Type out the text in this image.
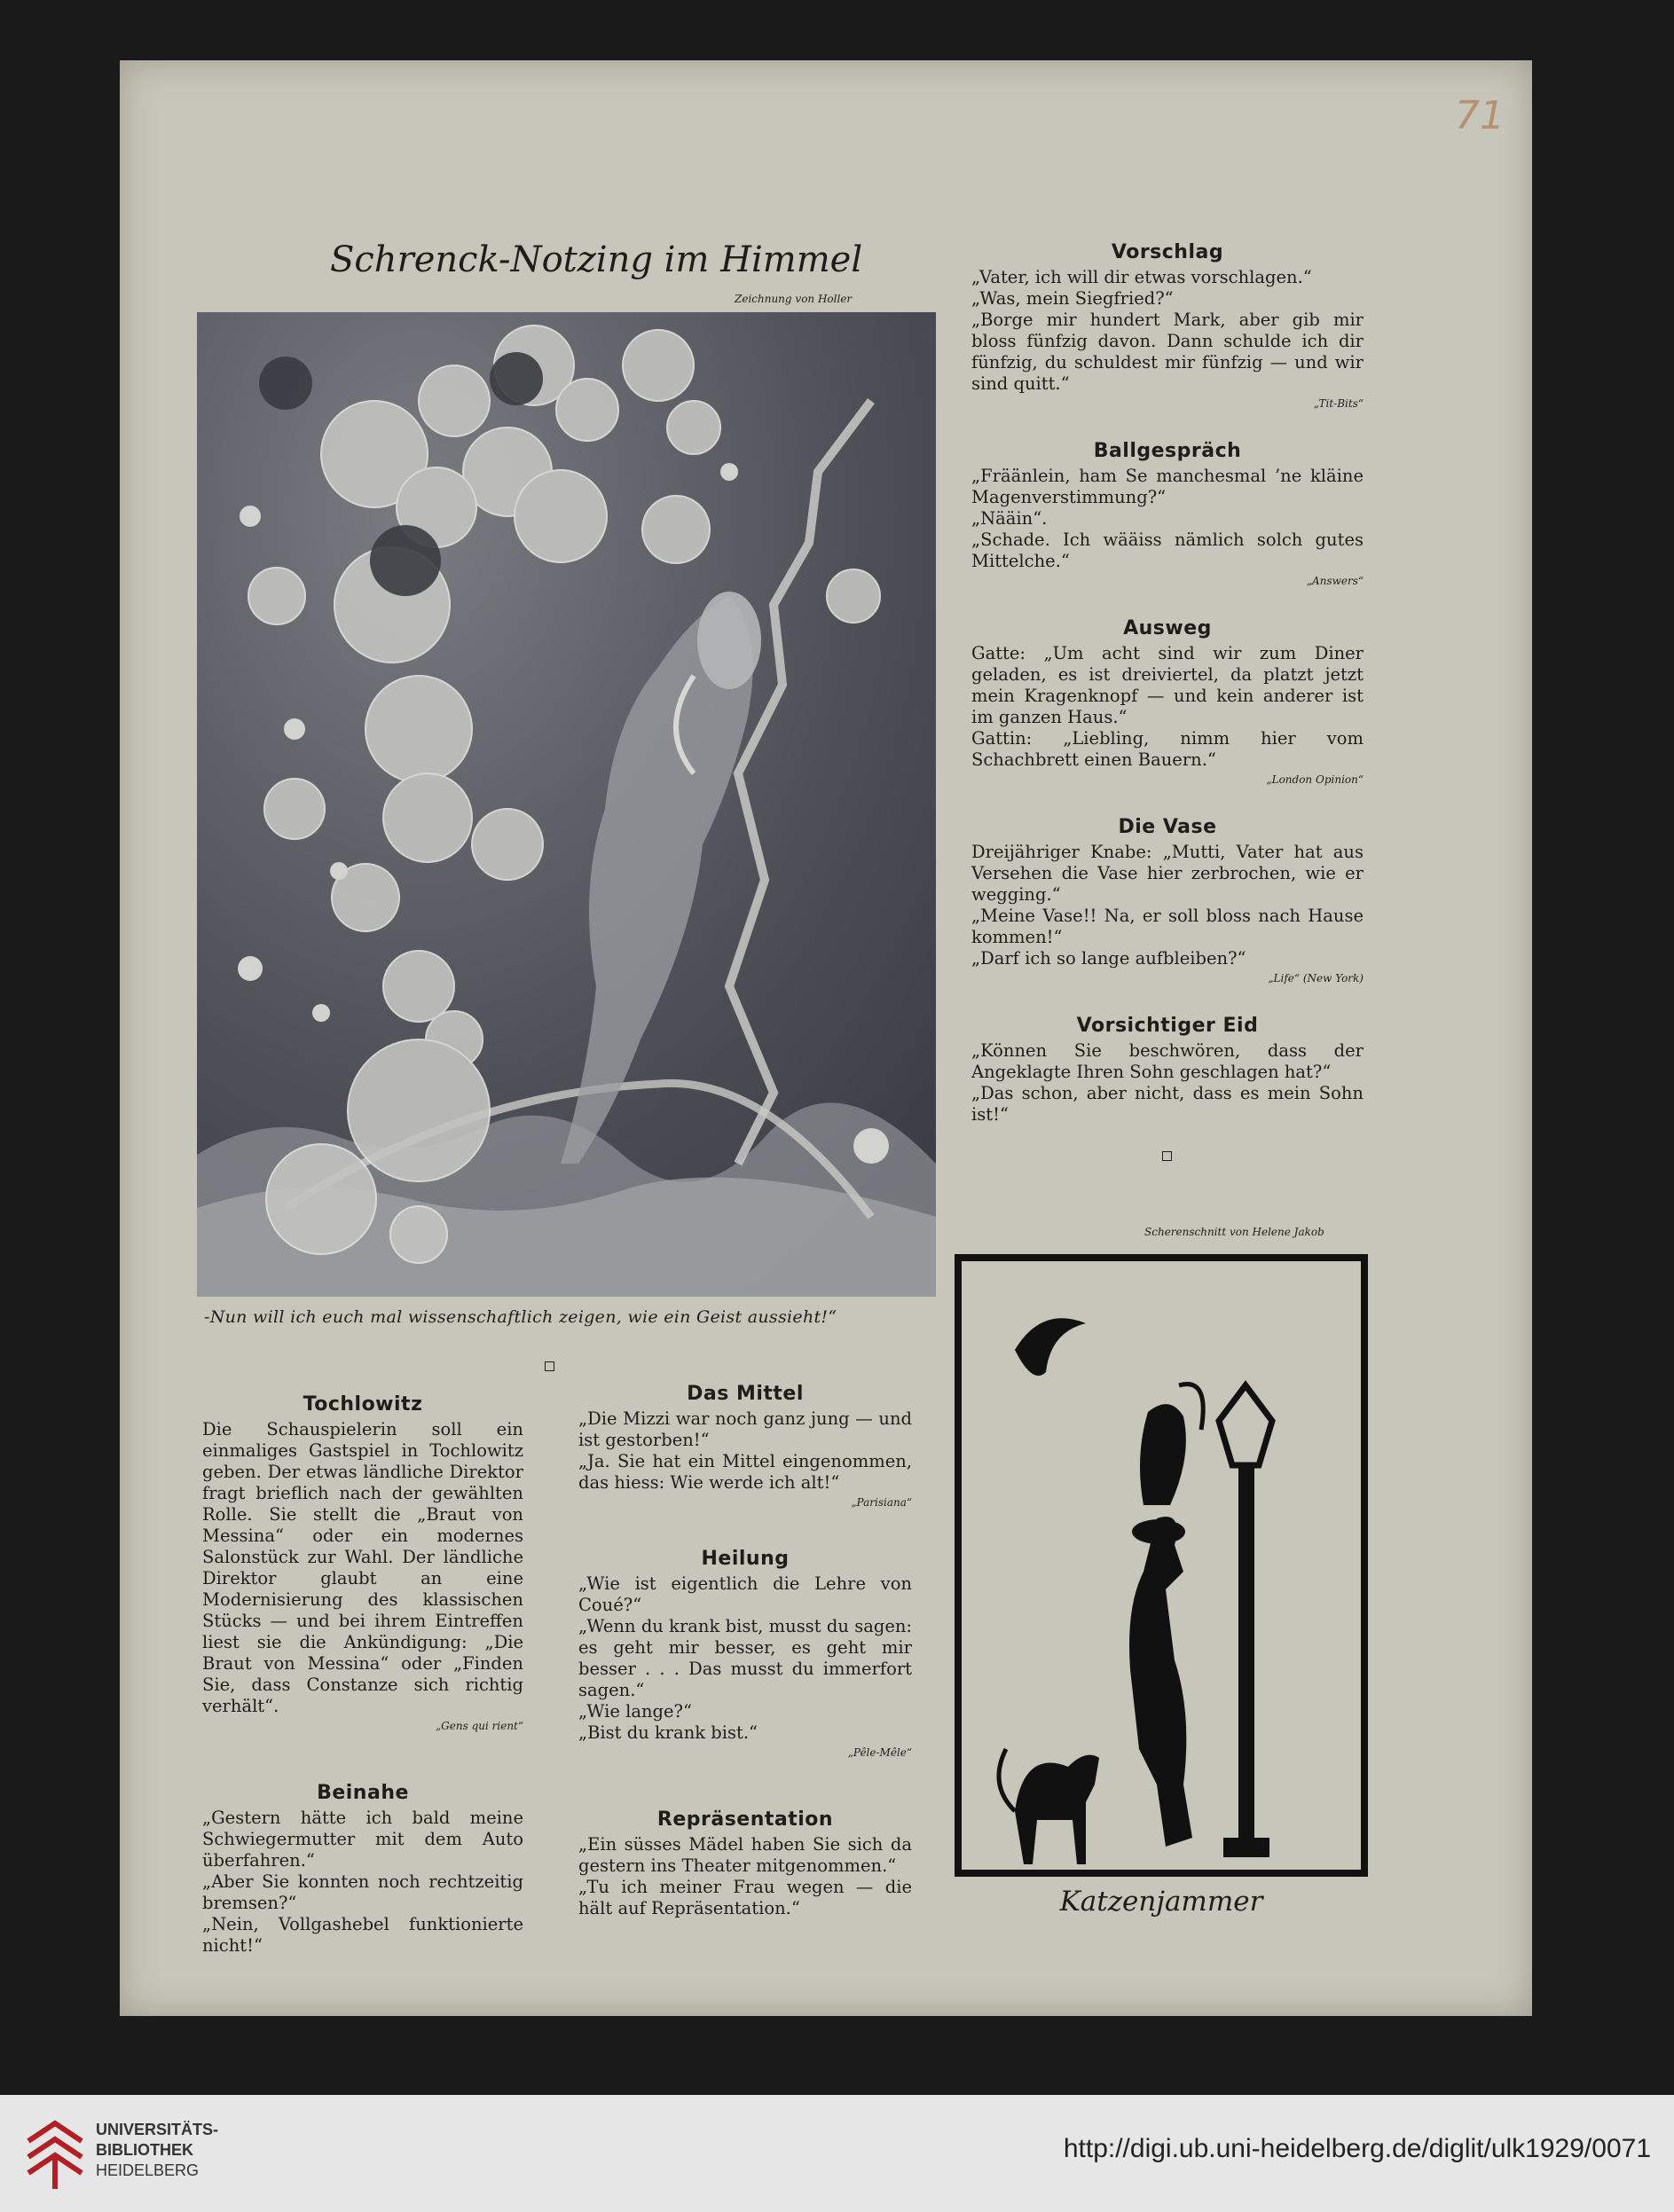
71
Schrenck-Notzing im Himmel
Zeichnung von Holler
-Nun will ich euch mal wissenschaftlich zeigen, wie ein Geist aussieht!“
Vorschlag

„Vater, ich will dir etwas vorschlagen.“

„Was, mein Siegfried?“

„Borge mir hundert Mark, aber gib mir bloss fünfzig davon. Dann schulde ich dir fünfzig, du schuldest mir fünfzig — und wir sind quitt.“

„Tit-Bits“
Ballgespräch

„Fräänlein, ham Se manchesmal ’ne kläine Magenverstimmung?“

„Nääin“.

„Schade. Ich wääiss nämlich solch gutes Mittelche.“

„Answers“
Ausweg

Gatte: „Um acht sind wir zum Diner geladen, es ist dreiviertel, da platzt jetzt mein Kragenknopf — und kein anderer ist im ganzen Haus.“

Gattin: „Liebling, nimm hier vom Schachbrett einen Bauern.“

„London Opinion“
Die Vase

Dreijähriger Knabe: „Mutti, Vater hat aus Versehen die Vase hier zerbrochen, wie er wegging.“

„Meine Vase!! Na, er soll bloss nach Hause kommen!“

„Darf ich so lange aufbleiben?“

„Life“ (New York)
Vorsichtiger Eid

„Können Sie beschwören, dass der Angeklagte Ihren Sohn geschlagen hat?“

„Das schon, aber nicht, dass es mein Sohn ist!“

Scherenschnitt von Helene Jakob
Katzenjammer
Tochlowitz

Die Schauspielerin soll ein einmaliges Gastspiel in Tochlowitz geben. Der etwas ländliche Direktor fragt brieflich nach der gewählten Rolle. Sie stellt die „Braut von Messina“ oder ein modernes Salonstück zur Wahl. Der ländliche Direktor glaubt an eine Modernisierung des klassischen Stücks — und bei ihrem Eintreffen liest sie die Ankündigung: „Die Braut von Messina“ oder „Finden Sie, dass Constanze sich richtig verhält“.

„Gens qui rient“
Beinahe

„Gestern hätte ich bald meine Schwiegermutter mit dem Auto überfahren.“

„Aber Sie konnten noch rechtzeitig bremsen?“

„Nein, Vollgashebel funktionierte nicht!“

Das Mittel

„Die Mizzi war noch ganz jung — und ist gestorben!“

„Ja. Sie hat ein Mittel eingenommen, das hiess: Wie werde ich alt!“

„Parisiana“
Heilung

„Wie ist eigentlich die Lehre von Coué?“

„Wenn du krank bist, musst du sagen: es geht mir besser, es geht mir besser . . . Das musst du immerfort sagen.“

„Wie lange?“

„Bist du krank bist.“

„Pêle-Mêle“
Repräsentation

„Ein süsses Mädel haben Sie sich da gestern ins Theater mitgenommen.“

„Tu ich meiner Frau wegen — die hält auf Repräsentation.“

UNIVERSITÄTS-
BIBLIOTHEK
HEIDELBERG
http://digi.ub.uni-heidelberg.de/diglit/ulk1929/0071
